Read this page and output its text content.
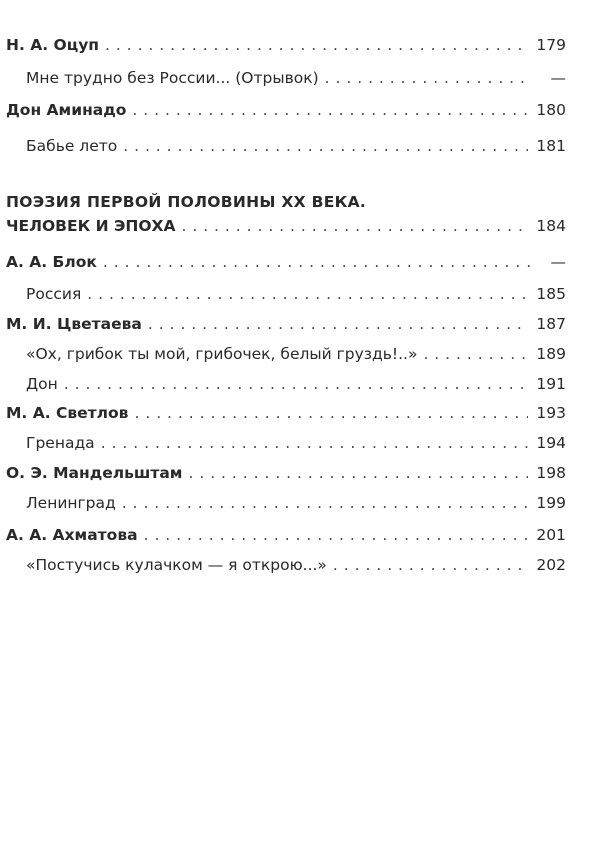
Н. А. Оцуп . . .	179
Мне трудно без России... (Отрывок) . . .	—
Дон Аминадо . . .	180
Бабье лето . . .	181
ПОЭЗИЯ ПЕРВОЙ ПОЛОВИНЫ XX ВЕКА.
ЧЕЛОВЕК И ЭПОХА . . .	184
А. А. Блок . . .	—
Россия . . .	185
М. И. Цветаева . . .	187
«Ох, грибок ты мой, грибочек, белый груздь!..» . . .	189
Дон . . .	191
М. А. Светлов . . .	193
Гренада . . .	194
О. Э. Мандельштам . . .	198
Ленинград . . .	199
А. А. Ахматова . . .	201
«Постучись кулачком — я открою...» . . .	202
